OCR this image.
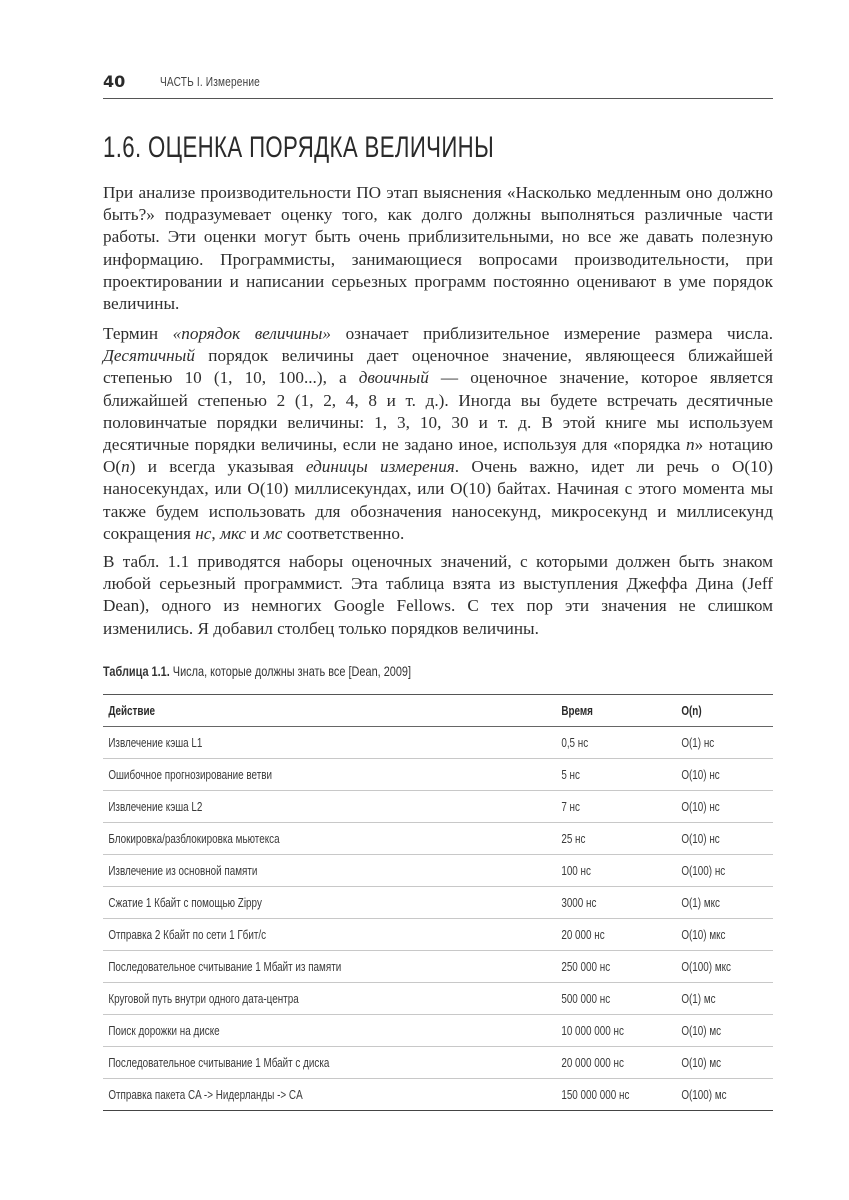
40	ЧАСТЬ I. Измерение
1.6. ОЦЕНКА ПОРЯДКА ВЕЛИЧИНЫ

При анализе производительности ПО этап выяснения «Насколько медленным оно должно быть?» подразумевает оценку того, как долго должны выполняться различные части работы. Эти оценки могут быть очень приблизительными, но все же давать полезную информацию. Программисты, занимающиеся вопросами производительности, при проектировании и написании серьезных программ постоянно оценивают в уме порядок величины.

Термин «порядок величины» означает приблизительное измерение размера числа. Десятичный порядок величины дает оценочное значение, являющееся ближайшей степенью 10 (1, 10, 100...), а двоичный — оценочное значение, которое является ближайшей степенью 2 (1, 2, 4, 8 и т. д.). Иногда вы будете встречать десятичные половинчатые порядки величины: 1, 3, 10, 30 и т. д. В этой книге мы используем десятичные порядки величины, если не задано иное, используя для «порядка n» нотацию O(n) и всегда указывая единицы измерения. Очень важно, идет ли речь о O(10) наносекундах, или O(10) миллисекундах, или O(10) байтах. Начиная с этого момента мы также будем использовать для обозначения наносекунд, микросекунд и миллисекунд сокращения нс, мкс и мс соответственно.

В табл. 1.1 приводятся наборы оценочных значений, с которыми должен быть знаком любой серьезный программист. Эта таблица взята из выступления Джеффа Дина (Jeff Dean), одного из немногих Google Fellows. С тех пор эти значения не слишком изменились. Я добавил столбец только порядков величины.

Таблица 1.1. Числа, которые должны знать все [Dean, 2009]
Действие	Время	O(n)
Извлечение кэша L1	0,5 нс	O(1) нс
Ошибочное прогнозирование ветви	5 нс	O(10) нс
Извлечение кэша L2	7 нс	O(10) нс
Блокировка/разблокировка мьютекса	25 нс	O(10) нс
Извлечение из основной памяти	100 нс	O(100) нс
Сжатие 1 Кбайт с помощью Zippy	3000 нс	O(1) мкс
Отправка 2 Кбайт по сети 1 Гбит/с	20 000 нс	O(10) мкс
Последовательное считывание 1 Мбайт из памяти	250 000 нс	O(100) мкс
Круговой путь внутри одного дата-центра	500 000 нс	O(1) мс
Поиск дорожки на диске	10 000 000 нс	O(10) мс
Последовательное считывание 1 Мбайт с диска	20 000 000 нс	O(10) мс
Отправка пакета CA -> Нидерланды -> CA	150 000 000 нс	O(100) мс
